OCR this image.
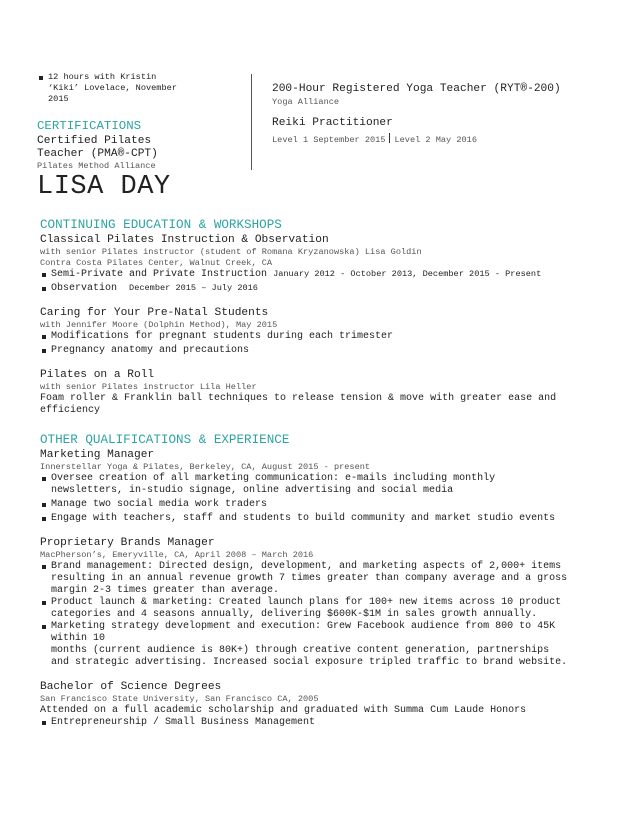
12 hours with Kristin ‘Kiki’ Lovelace, November 2015
CERTIFICATIONS
Certified Pilates Teacher (PMA®-CPT)
Pilates Method Alliance
200-Hour Registered Yoga Teacher (RYT®-200)
Yoga Alliance
Reiki Practitioner
Level 1 September 2015 Level 2 May 2016
LISA DAY
CONTINUING EDUCATION & WORKSHOPS
Classical Pilates Instruction & Observation
with senior Pilates instructor (student of Romana Kryzanowska) Lisa Goldin
Contra Costa Pilates Center, Walnut Creek, CA
Semi-Private and Private Instruction January 2012 - October 2013, December 2015 - Present
Observation December 2015 – July 2016
Caring for Your Pre-Natal Students
with Jennifer Moore (Dolphin Method), May 2015
Modifications for pregnant students during each trimester
Pregnancy anatomy and precautions
Pilates on a Roll
with senior Pilates instructor Lila Heller
Foam roller & Franklin ball techniques to release tension & move with greater ease and efficiency
OTHER QUALIFICATIONS & EXPERIENCE
Marketing Manager
Innerstellar Yoga & Pilates, Berkeley, CA, August 2015 - present
Oversee creation of all marketing communication: e-mails including monthly newsletters, in-studio signage, online advertising and social media
Manage two social media work traders
Engage with teachers, staff and students to build community and market studio events
Proprietary Brands Manager
MacPherson’s, Emeryville, CA, April 2008 – March 2016
Brand management: Directed design, development, and marketing aspects of 2,000+ items resulting in an annual revenue growth 7 times greater than company average and a gross margin 2-3 times greater than average.
Product launch & marketing: Created launch plans for 100+ new items across 10 product categories and 4 seasons annually, delivering $600K-$1M in sales growth annually.
Marketing strategy development and execution: Grew Facebook audience from 800 to 45K within 10
months (current audience is 80K+) through creative content generation, partnerships and strategic advertising. Increased social exposure tripled traffic to brand website.
Bachelor of Science Degrees
San Francisco State University, San Francisco CA, 2005
Attended on a full academic scholarship and graduated with Summa Cum Laude Honors
Entrepreneurship / Small Business Management
